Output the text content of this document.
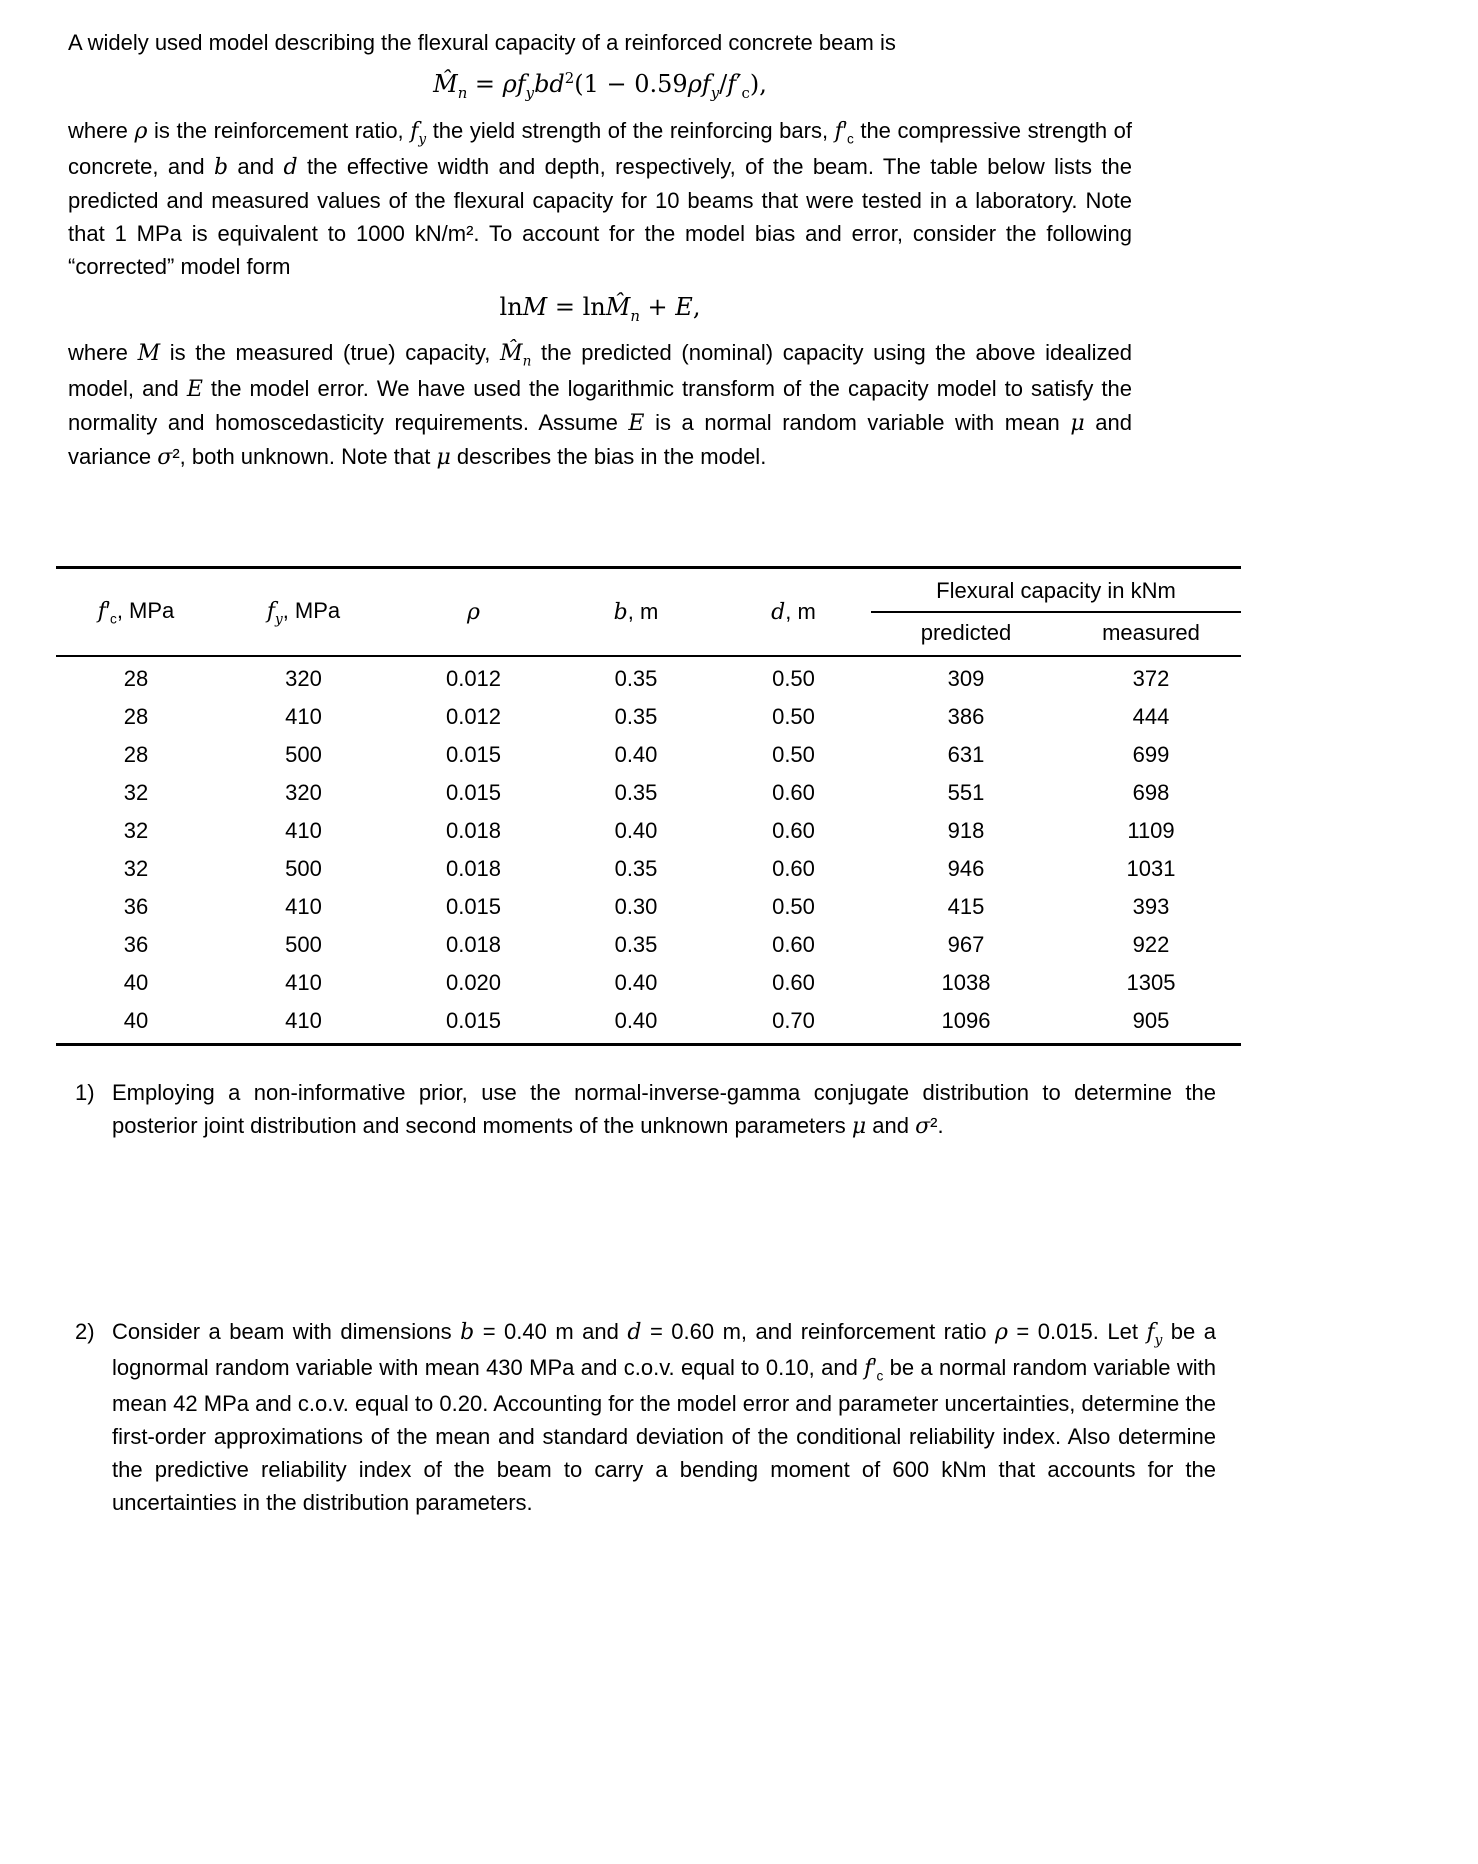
A widely used model describing the flexural capacity of a reinforced concrete beam is

$M̂_n = \rho f_ybd^2(1 - 0.59\rho f_y/f'_c)$,

where ρ is the reinforcement ratio, $f_y$ the yield strength of the reinforcing bars, $f'_c$ the compressive strength of concrete, and b and d the effective width and depth, respectively, of the beam. The table below lists the predicted and measured values of the flexural capacity for 10 beams that were tested in a laboratory. Note that 1 MPa is equivalent to 1000 kN/m². To account for the model bias and error, consider the following “corrected” model form

$\ln M = \ln M̂_n + E$,

where M is the measured (true) capacity, $M̂_n$ the predicted (nominal) capacity using the above idealized model, and E the model error. We have used the logarithmic transform of the capacity model to satisfy the normality and homoscedasticity requirements. Assume E is a normal random variable with mean μ and variance σ², both unknown. Note that μ describes the bias in the model.

$f'_c$, MPa	$f_y$, MPa	ρ	b, m	d, m	Flexural capacity in kNm	
					predicted	measured
28	320	0.012	0.35	0.50	309	372
28	410	0.012	0.35	0.50	386	444
28	500	0.015	0.40	0.50	631	699
32	320	0.015	0.35	0.60	551	698
32	410	0.018	0.40	0.60	918	1109
32	500	0.018	0.35	0.60	946	1031
36	410	0.015	0.30	0.50	415	393
36	500	0.018	0.35	0.60	967	922
40	410	0.020	0.40	0.60	1038	1305
40	410	0.015	0.40	0.70	1096	905
1) Employing a non-informative prior, use the normal-inverse-gamma conjugate distribution to determine the posterior joint distribution and second moments of the unknown parameters μ and σ².
2) Consider a beam with dimensions b = 0.40 m and d = 0.60 m, and reinforcement ratio ρ = 0.015. Let $f_y$ be a lognormal random variable with mean 430 MPa and c.o.v. equal to 0.10, and $f'_c$ be a normal random variable with mean 42 MPa and c.o.v. equal to 0.20. Accounting for the model error and parameter uncertainties, determine the first-order approximations of the mean and standard deviation of the conditional reliability index. Also determine the predictive reliability index of the beam to carry a bending moment of 600 kNm that accounts for the uncertainties in the distribution parameters.
